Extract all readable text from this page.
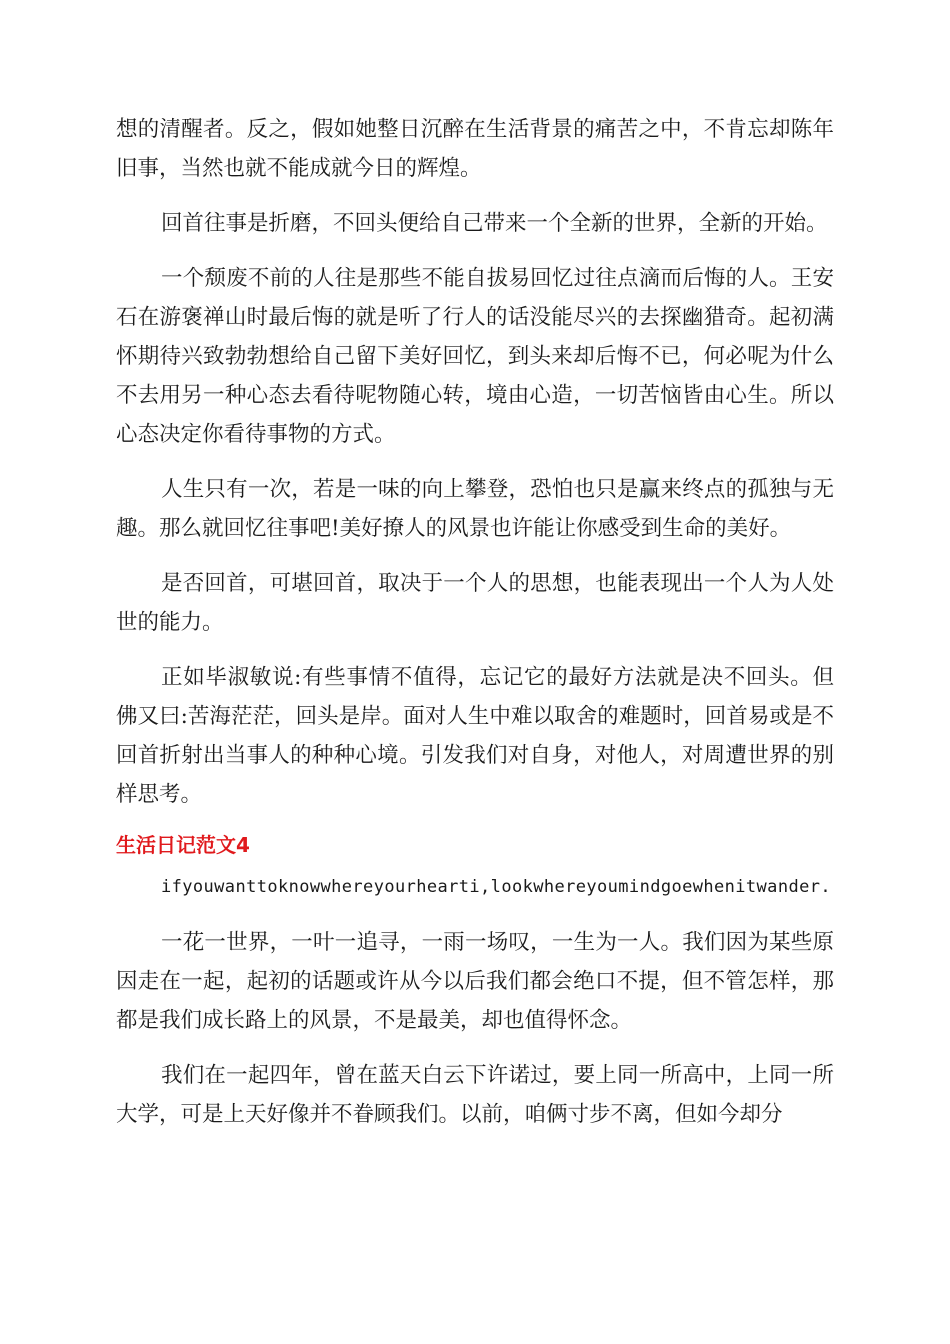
想的清醒者。反之，假如她整日沉醉在生活背景的痛苦之中，不肯忘却陈年旧事，当然也就不能成就今日的辉煌。

回首往事是折磨，不回头便给自己带来一个全新的世界，全新的开始。

一个颓废不前的人往是那些不能自拔易回忆过往点滴而后悔的人。王安石在游褒禅山时最后悔的就是听了行人的话没能尽兴的去探幽猎奇。起初满怀期待兴致勃勃想给自己留下美好回忆，到头来却后悔不已，何必呢为什么不去用另一种心态去看待呢物随心转，境由心造，一切苦恼皆由心生。所以心态决定你看待事物的方式。

人生只有一次，若是一味的向上攀登，恐怕也只是赢来终点的孤独与无趣。那么就回忆往事吧!美好撩人的风景也许能让你感受到生命的美好。

是否回首，可堪回首，取决于一个人的思想，也能表现出一个人为人处世的能力。

正如毕淑敏说:有些事情不值得，忘记它的最好方法就是决不回头。但佛又曰:苦海茫茫，回头是岸。面对人生中难以取舍的难题时，回首易或是不回首折射出当事人的种种心境。引发我们对自身，对他人，对周遭世界的别样思考。

生活日记范文4

ifyouwanttoknowwhereyourhearti,lookwhereyoumindgoewhenitwander.

一花一世界，一叶一追寻，一雨一场叹，一生为一人。我们因为某些原因走在一起，起初的话题或许从今以后我们都会绝口不提，但不管怎样，那都是我们成长路上的风景，不是最美，却也值得怀念。

我们在一起四年，曾在蓝天白云下许诺过，要上同一所高中，上同一所大学，可是上天好像并不眷顾我们。以前，咱俩寸步不离，但如今却分
